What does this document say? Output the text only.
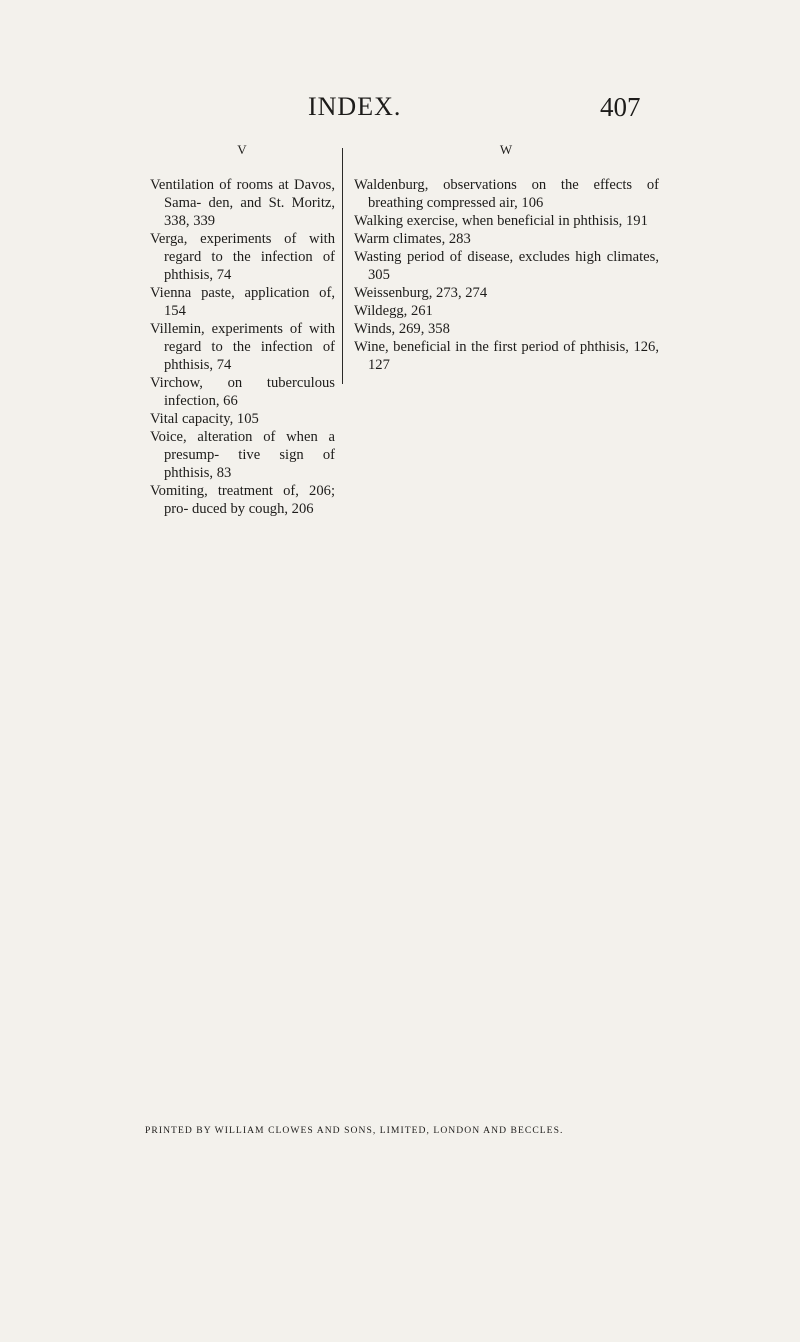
INDEX.	407
V
Ventilation of rooms at Davos, Sama- den, and St. Moritz, 338, 339
Verga, experiments of with regard to the infection of phthisis, 74
Vienna paste, application of, 154
Villemin, experiments of with regard to the infection of phthisis, 74
Virchow, on tuberculous infection, 66
Vital capacity, 105
Voice, alteration of when a presump- tive sign of phthisis, 83
Vomiting, treatment of, 206; pro- duced by cough, 206
W
Waldenburg, observations on the effects of breathing compressed air, 106
Walking exercise, when beneficial in phthisis, 191
Warm climates, 283
Wasting period of disease, excludes high climates, 305
Weissenburg, 273, 274
Wildegg, 261
Winds, 269, 358
Wine, beneficial in the first period of phthisis, 126, 127
PRINTED BY WILLIAM CLOWES AND SONS, LIMITED, LONDON AND BECCLES.
